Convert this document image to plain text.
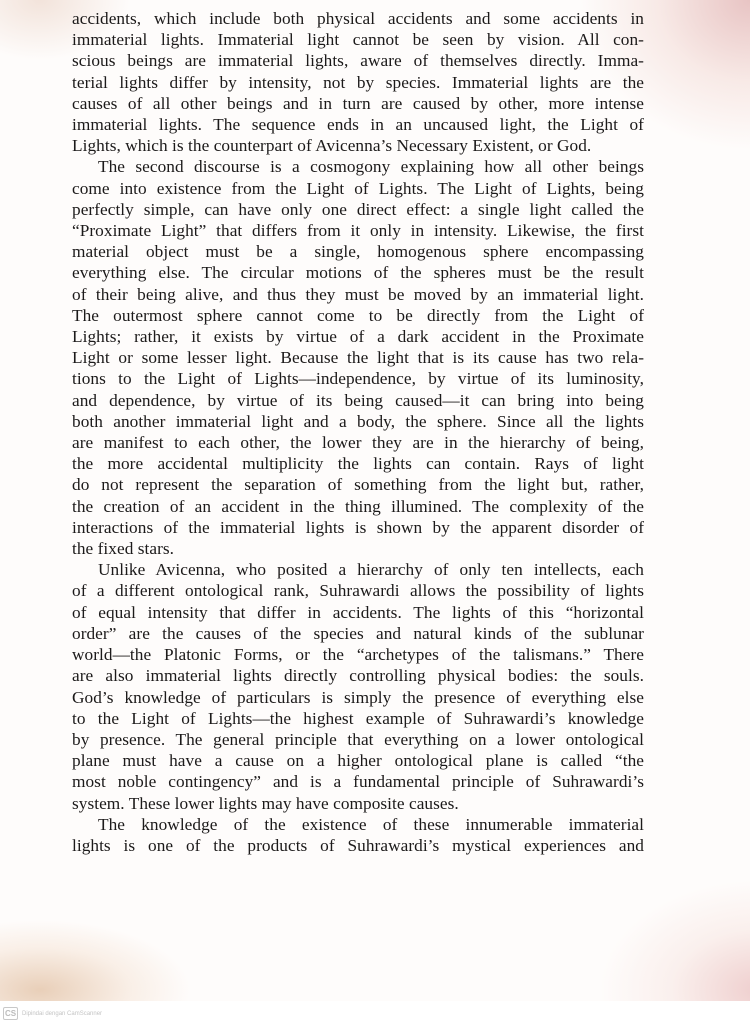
accidents, which include both physical accidents and some accidents in
immaterial lights. Immaterial light cannot be seen by vision. All con-
scious beings are immaterial lights, aware of themselves directly. Imma-
terial lights differ by intensity, not by species. Immaterial lights are the
causes of all other beings and in turn are caused by other, more intense
immaterial lights. The sequence ends in an uncaused light, the Light of
Lights, which is the counterpart of Avicenna’s Necessary Existent, or God.

The second discourse is a cosmogony explaining how all other beings
come into existence from the Light of Lights. The Light of Lights, being
perfectly simple, can have only one direct effect: a single light called the
“Proximate Light” that differs from it only in intensity. Likewise, the first
material object must be a single, homogenous sphere encompassing
everything else. The circular motions of the spheres must be the result
of their being alive, and thus they must be moved by an immaterial light.
The outermost sphere cannot come to be directly from the Light of
Lights; rather, it exists by virtue of a dark accident in the Proximate
Light or some lesser light. Because the light that is its cause has two rela-
tions to the Light of Lights—independence, by virtue of its luminosity,
and dependence, by virtue of its being caused—it can bring into being
both another immaterial light and a body, the sphere. Since all the lights
are manifest to each other, the lower they are in the hierarchy of being,
the more accidental multiplicity the lights can contain. Rays of light
do not represent the separation of something from the light but, rather,
the creation of an accident in the thing illumined. The complexity of the
interactions of the immaterial lights is shown by the apparent disorder of
the fixed stars.

Unlike Avicenna, who posited a hierarchy of only ten intellects, each
of a different ontological rank, Suhrawardi allows the possibility of lights
of equal intensity that differ in accidents. The lights of this “horizontal
order” are the causes of the species and natural kinds of the sublunar
world—the Platonic Forms, or the “archetypes of the talismans.” There
are also immaterial lights directly controlling physical bodies: the souls.
God’s knowledge of particulars is simply the presence of everything else
to the Light of Lights—the highest example of Suhrawardi’s knowledge
by presence. The general principle that everything on a lower ontological
plane must have a cause on a higher ontological plane is called “the
most noble contingency” and is a fundamental principle of Suhrawardi’s
system. These lower lights may have composite causes.

The knowledge of the existence of these innumerable immaterial
lights is one of the products of Suhrawardi’s mystical experiences and

CS Dipindai dengan CamScanner
